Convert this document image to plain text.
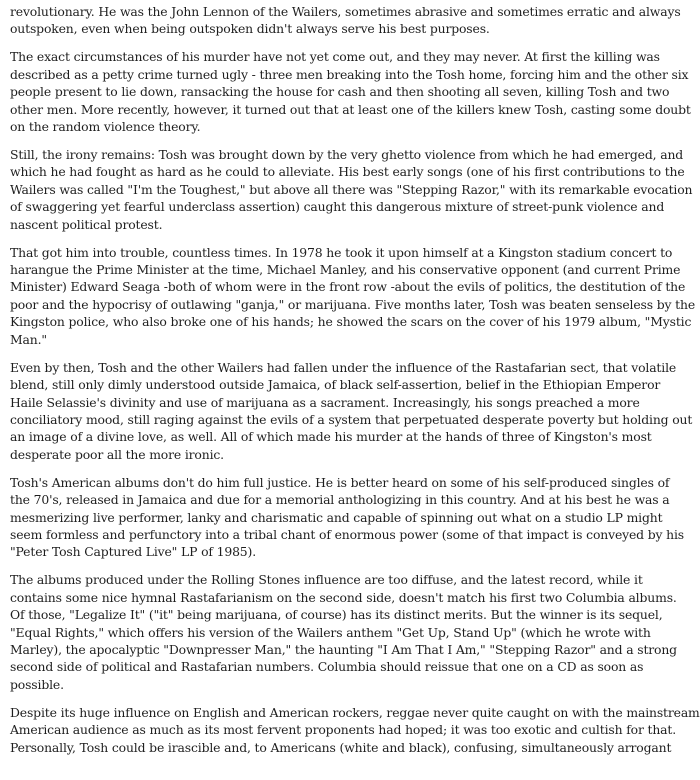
revolutionary. He was the John Lennon of the Wailers, sometimes abrasive and sometimes erratic and always
outspoken, even when being outspoken didn't always serve his best purposes.

The exact circumstances of his murder have not yet come out, and they may never. At first the killing was
described as a petty crime turned ugly - three men breaking into the Tosh home, forcing him and the other six
people present to lie down, ransacking the house for cash and then shooting all seven, killing Tosh and two
other men. More recently, however, it turned out that at least one of the killers knew Tosh, casting some doubt
on the random violence theory.

Still, the irony remains: Tosh was brought down by the very ghetto violence from which he had emerged, and
which he had fought as hard as he could to alleviate. His best early songs (one of his first contributions to the
Wailers was called "I'm the Toughest," but above all there was "Stepping Razor," with its remarkable evocation
of swaggering yet fearful underclass assertion) caught this dangerous mixture of street-punk violence and
nascent political protest.

That got him into trouble, countless times. In 1978 he took it upon himself at a Kingston stadium concert to
harangue the Prime Minister at the time, Michael Manley, and his conservative opponent (and current Prime
Minister) Edward Seaga -both of whom were in the front row -about the evils of politics, the destitution of the
poor and the hypocrisy of outlawing "ganja," or marijuana. Five months later, Tosh was beaten senseless by the
Kingston police, who also broke one of his hands; he showed the scars on the cover of his 1979 album, "Mystic
Man."

Even by then, Tosh and the other Wailers had fallen under the influence of the Rastafarian sect, that volatile
blend, still only dimly understood outside Jamaica, of black self-assertion, belief in the Ethiopian Emperor
Haile Selassie's divinity and use of marijuana as a sacrament. Increasingly, his songs preached a more
conciliatory mood, still raging against the evils of a system that perpetuated desperate poverty but holding out
an image of a divine love, as well. All of which made his murder at the hands of three of Kingston's most
desperate poor all the more ironic.

Tosh's American albums don't do him full justice. He is better heard on some of his self-produced singles of
the 70's, released in Jamaica and due for a memorial anthologizing in this country. And at his best he was a
mesmerizing live performer, lanky and charismatic and capable of spinning out what on a studio LP might
seem formless and perfunctory into a tribal chant of enormous power (some of that impact is conveyed by his
"Peter Tosh Captured Live" LP of 1985).

The albums produced under the Rolling Stones influence are too diffuse, and the latest record, while it
contains some nice hymnal Rastafarianism on the second side, doesn't match his first two Columbia albums.
Of those, "Legalize It" ("it" being marijuana, of course) has its distinct merits. But the winner is its sequel,
"Equal Rights," which offers his version of the Wailers anthem "Get Up, Stand Up" (which he wrote with
Marley), the apocalyptic "Downpresser Man," the haunting "I Am That I Am," "Stepping Razor" and a strong
second side of political and Rastafarian numbers. Columbia should reissue that one on a CD as soon as
possible.

Despite its huge influence on English and American rockers, reggae never quite caught on with the mainstream
American audience as much as its most fervent proponents had hoped; it was too exotic and cultish for that.
Personally, Tosh could be irascible and, to Americans (white and black), confusing, simultaneously arrogant
